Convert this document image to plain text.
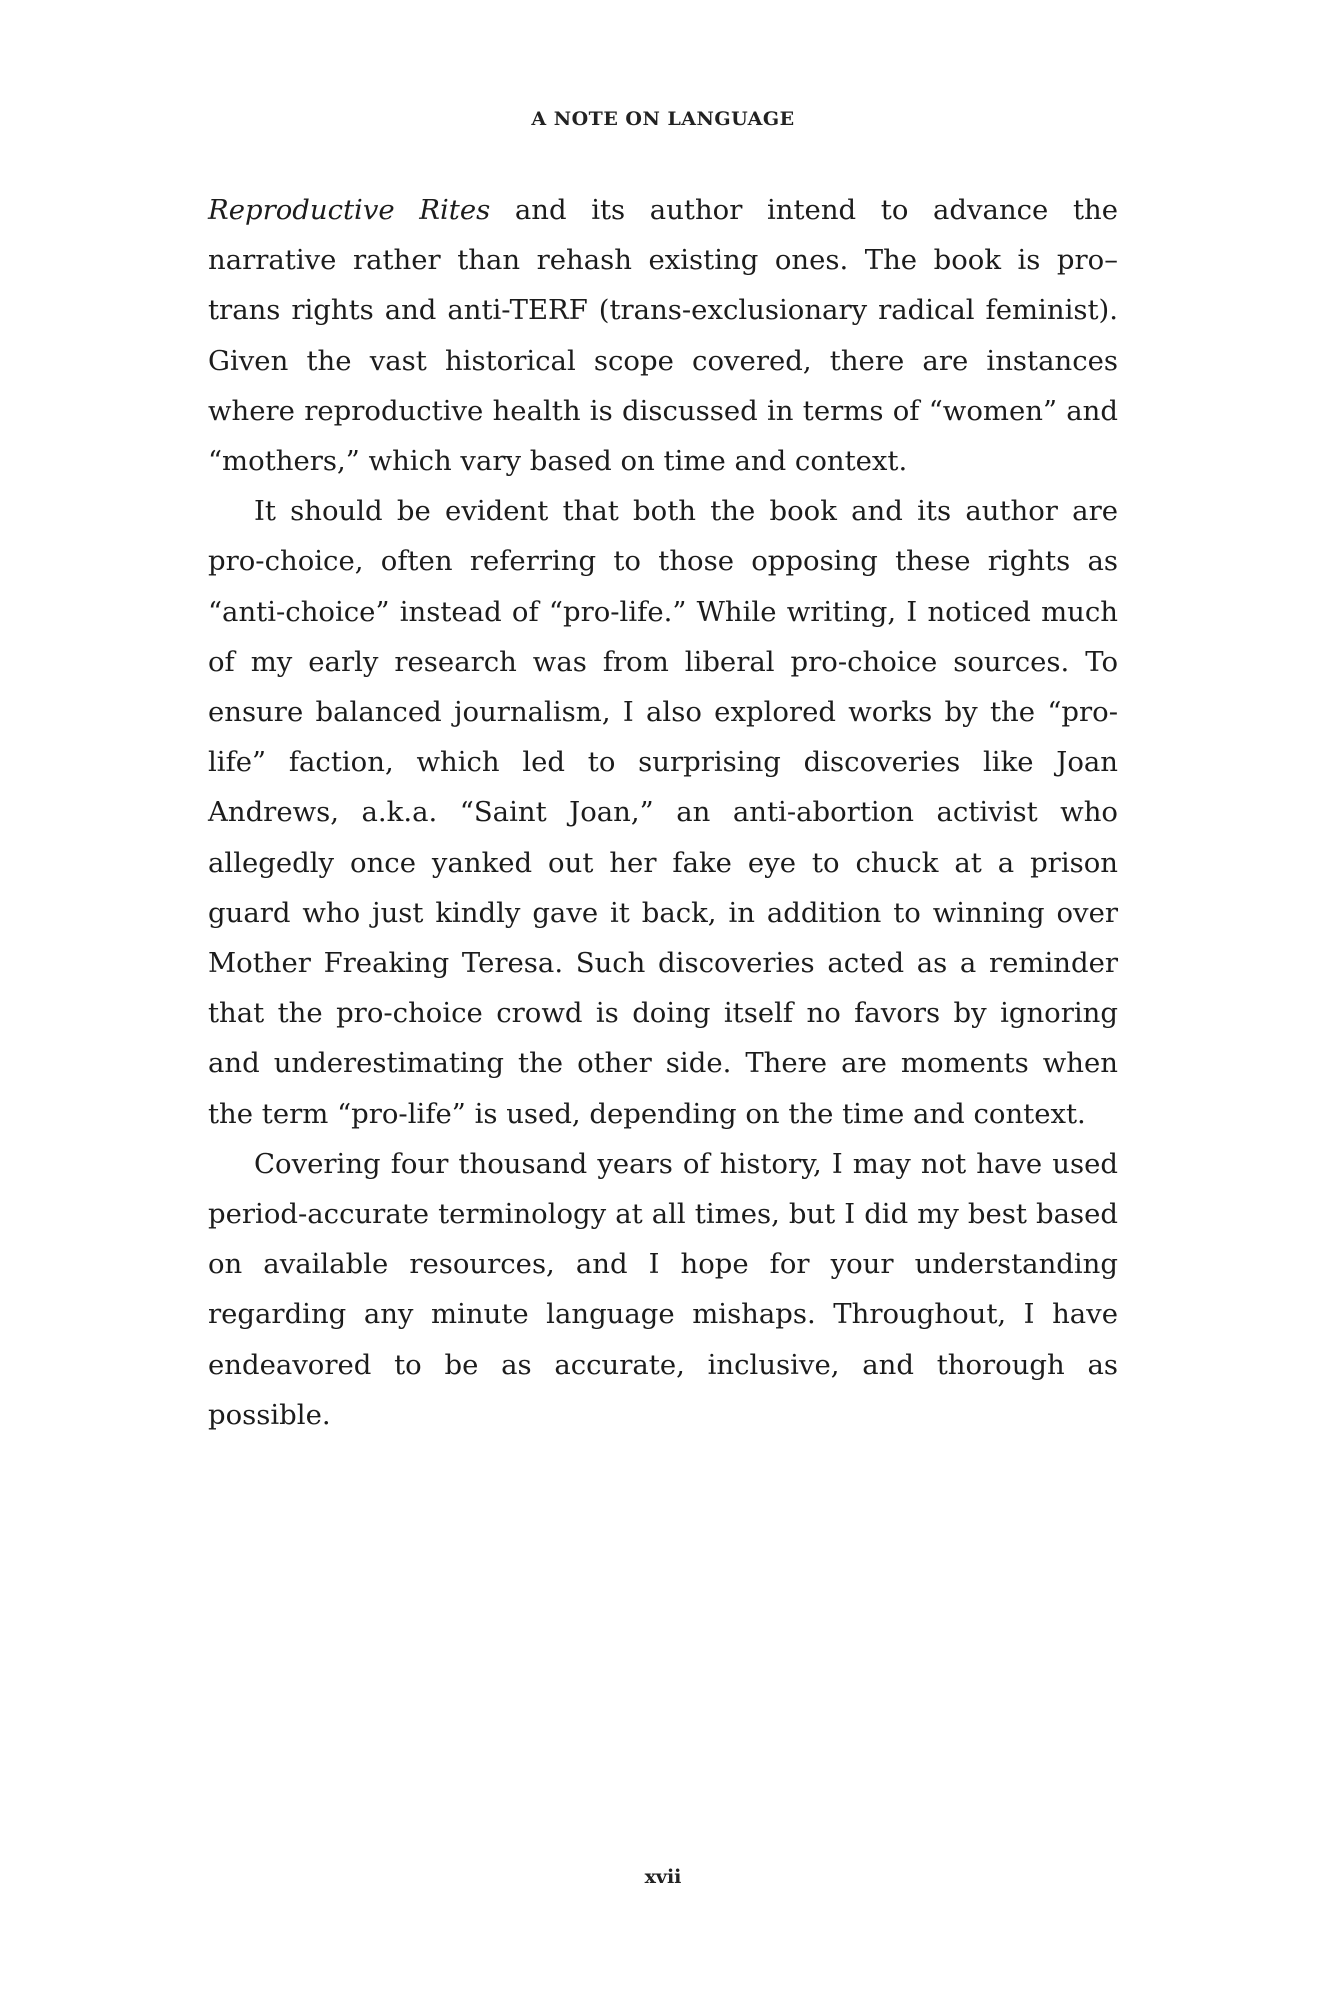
A NOTE ON LANGUAGE

Reproductive Rites and its author intend to advance the narrative rather than rehash existing ones. The book is pro–trans rights and anti-TERF (trans-exclusionary radical feminist). Given the vast historical scope covered, there are instances where reproductive health is discussed in terms of “women” and “mothers,” which vary based on time and context.

It should be evident that both the book and its author are pro-choice, often referring to those opposing these rights as “anti-choice” instead of “pro-life.” While writing, I noticed much of my early research was from liberal pro-choice sources. To ensure balanced journalism, I also explored works by the “pro-life” faction, which led to surprising discoveries like Joan Andrews, a.k.a. “Saint Joan,” an anti-abortion activist who allegedly once yanked out her fake eye to chuck at a prison guard who just kindly gave it back, in addition to winning over Mother Freaking Teresa. Such discoveries acted as a reminder that the pro-choice crowd is doing itself no favors by ignoring and underestimating the other side. There are moments when the term “pro-life” is used, depending on the time and context.

Covering four thousand years of history, I may not have used period-accurate terminology at all times, but I did my best based on available resources, and I hope for your understanding regarding any minute language mishaps. Throughout, I have endeavored to be as accurate, inclusive, and thorough as possible.

xvii
